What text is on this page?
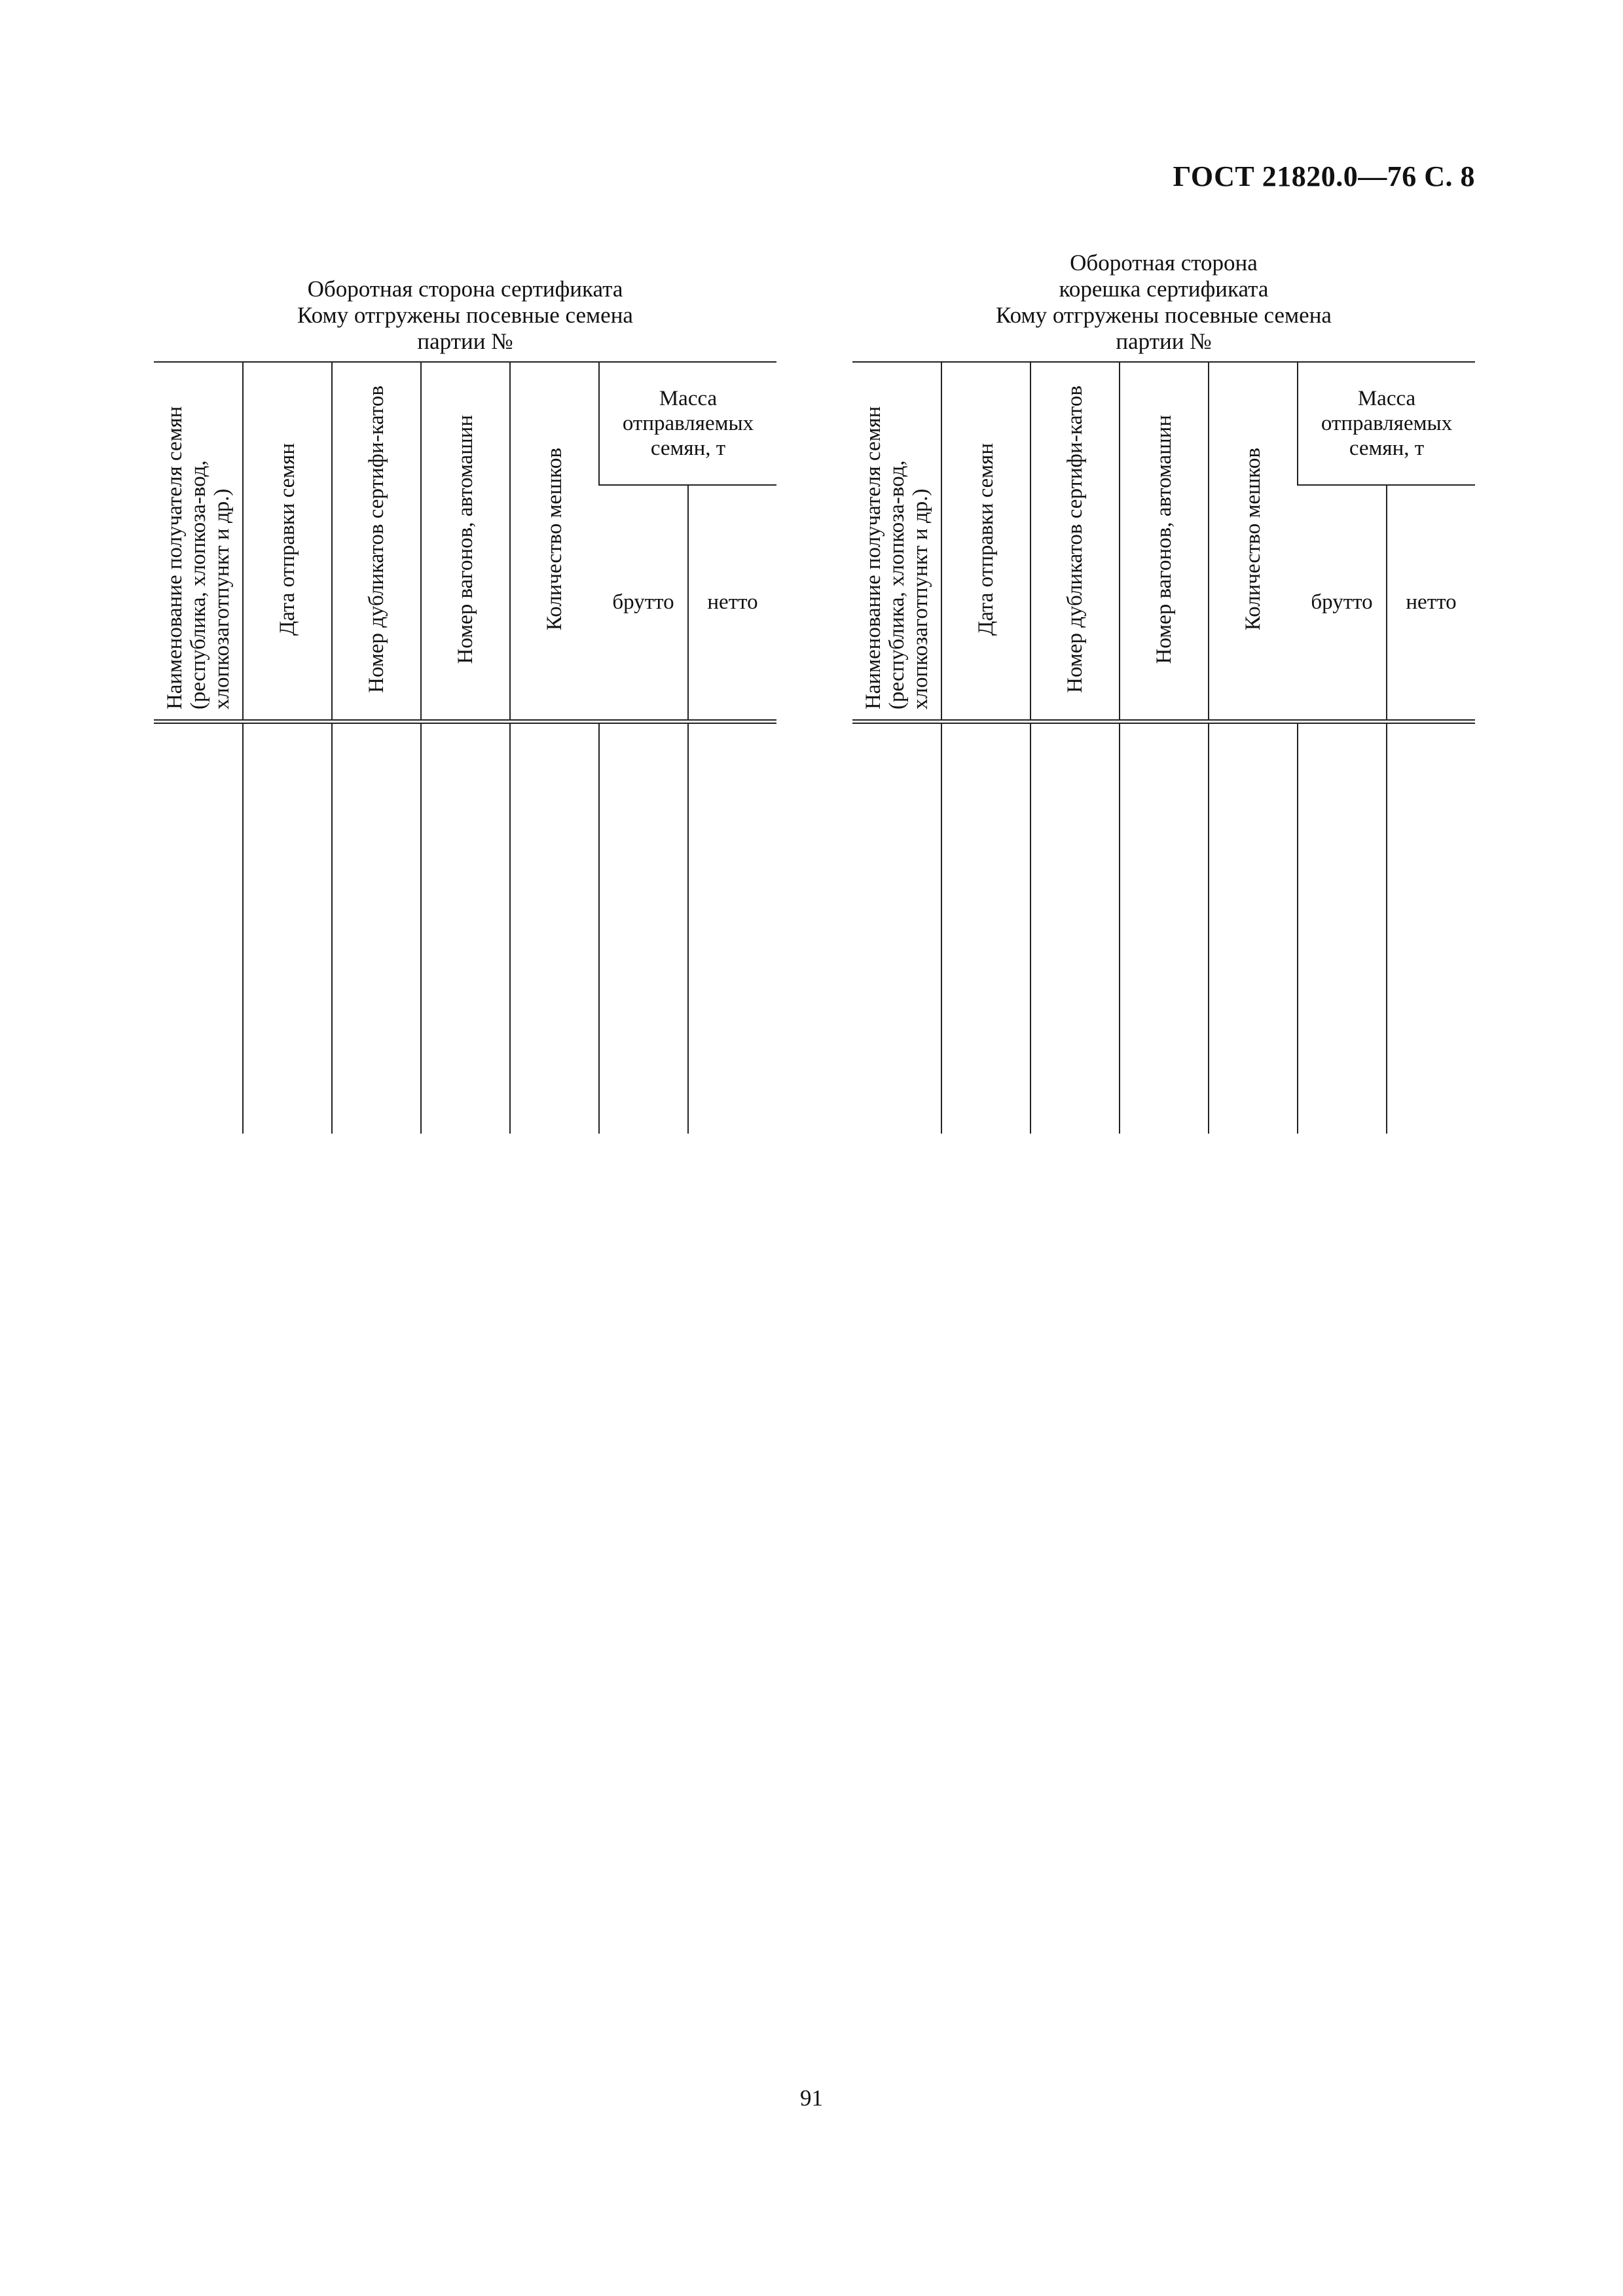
ГОСТ 21820.0—76 С. 8
Оборотная сторона сертификата
Кому отгружены посевные семена
партии №
Наименование получателя семян (республика, хлопкоза-вод, хлопкозаготпункт и др.)	Дата отправки семян	Номер дубликатов сертифи-катов	Номер вагонов, автомашин	Количество мешков	Масса
отправляемых
семян, т	

					брутто	нетто

Оборотная сторона
корешка сертификата
Кому отгружены посевные семена
партии №
Наименование получателя семян (республика, хлопкоза-вод, хлопкозаготпункт и др.)	Дата отправки семян	Номер дубликатов сертифи-катов	Номер вагонов, автомашин	Количество мешков	Масса
отправляемых
семян, т	

					брутто	нетто

91
